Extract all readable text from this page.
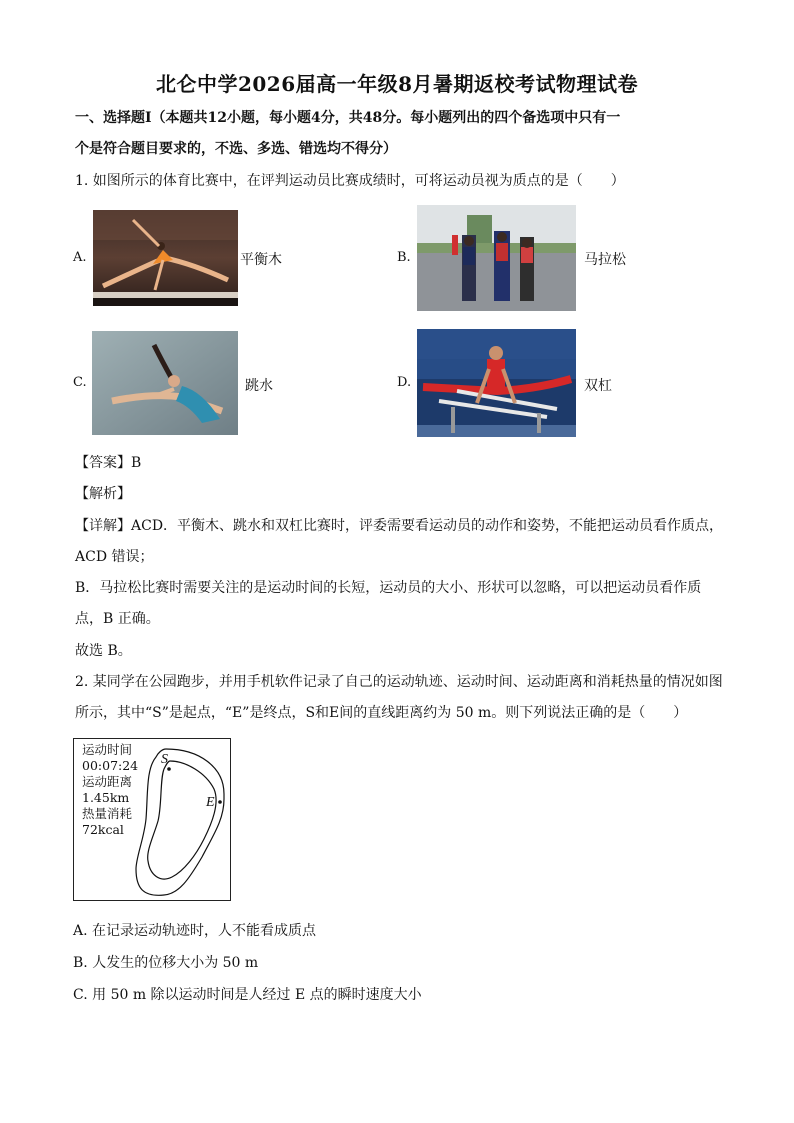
北仑中学2026届高一年级8月暑期返校考试物理试卷
一、选择题Ⅰ（本题共12小题，每小题4分，共48分。每小题列出的四个备选项中只有一
个是符合题目要求的，不选、多选、错选均不得分）
1. 如图所示的体育比赛中，在评判运动员比赛成绩时，可将运动员视为质点的是（　　）
A.	平衡木	B.	马拉松
C.	跳水	D.	双杠
【答案】B
【解析】
【详解】ACD．平衡木、跳水和双杠比赛时，评委需要看运动员的动作和姿势，不能把运动员看作质点，
ACD 错误；
B．马拉松比赛时需要关注的是运动时间的长短，运动员的大小、形状可以忽略，可以把运动员看作质
点，B 正确。
故选 B。
2. 某同学在公园跑步，并用手机软件记录了自己的运动轨迹、运动时间、运动距离和消耗热量的情况如图
所示，其中“S”是起点，“E”是终点，S和E间的直线距离约为 50 m。则下列说法正确的是（　　）
运动时间
00:07:24
运动距离
1.45km
热量消耗
72kcal
S
E
A. 在记录运动轨迹时，人不能看成质点
B. 人发生的位移大小为 50 m
C. 用 50 m 除以运动时间是人经过 E 点的瞬时速度大小
